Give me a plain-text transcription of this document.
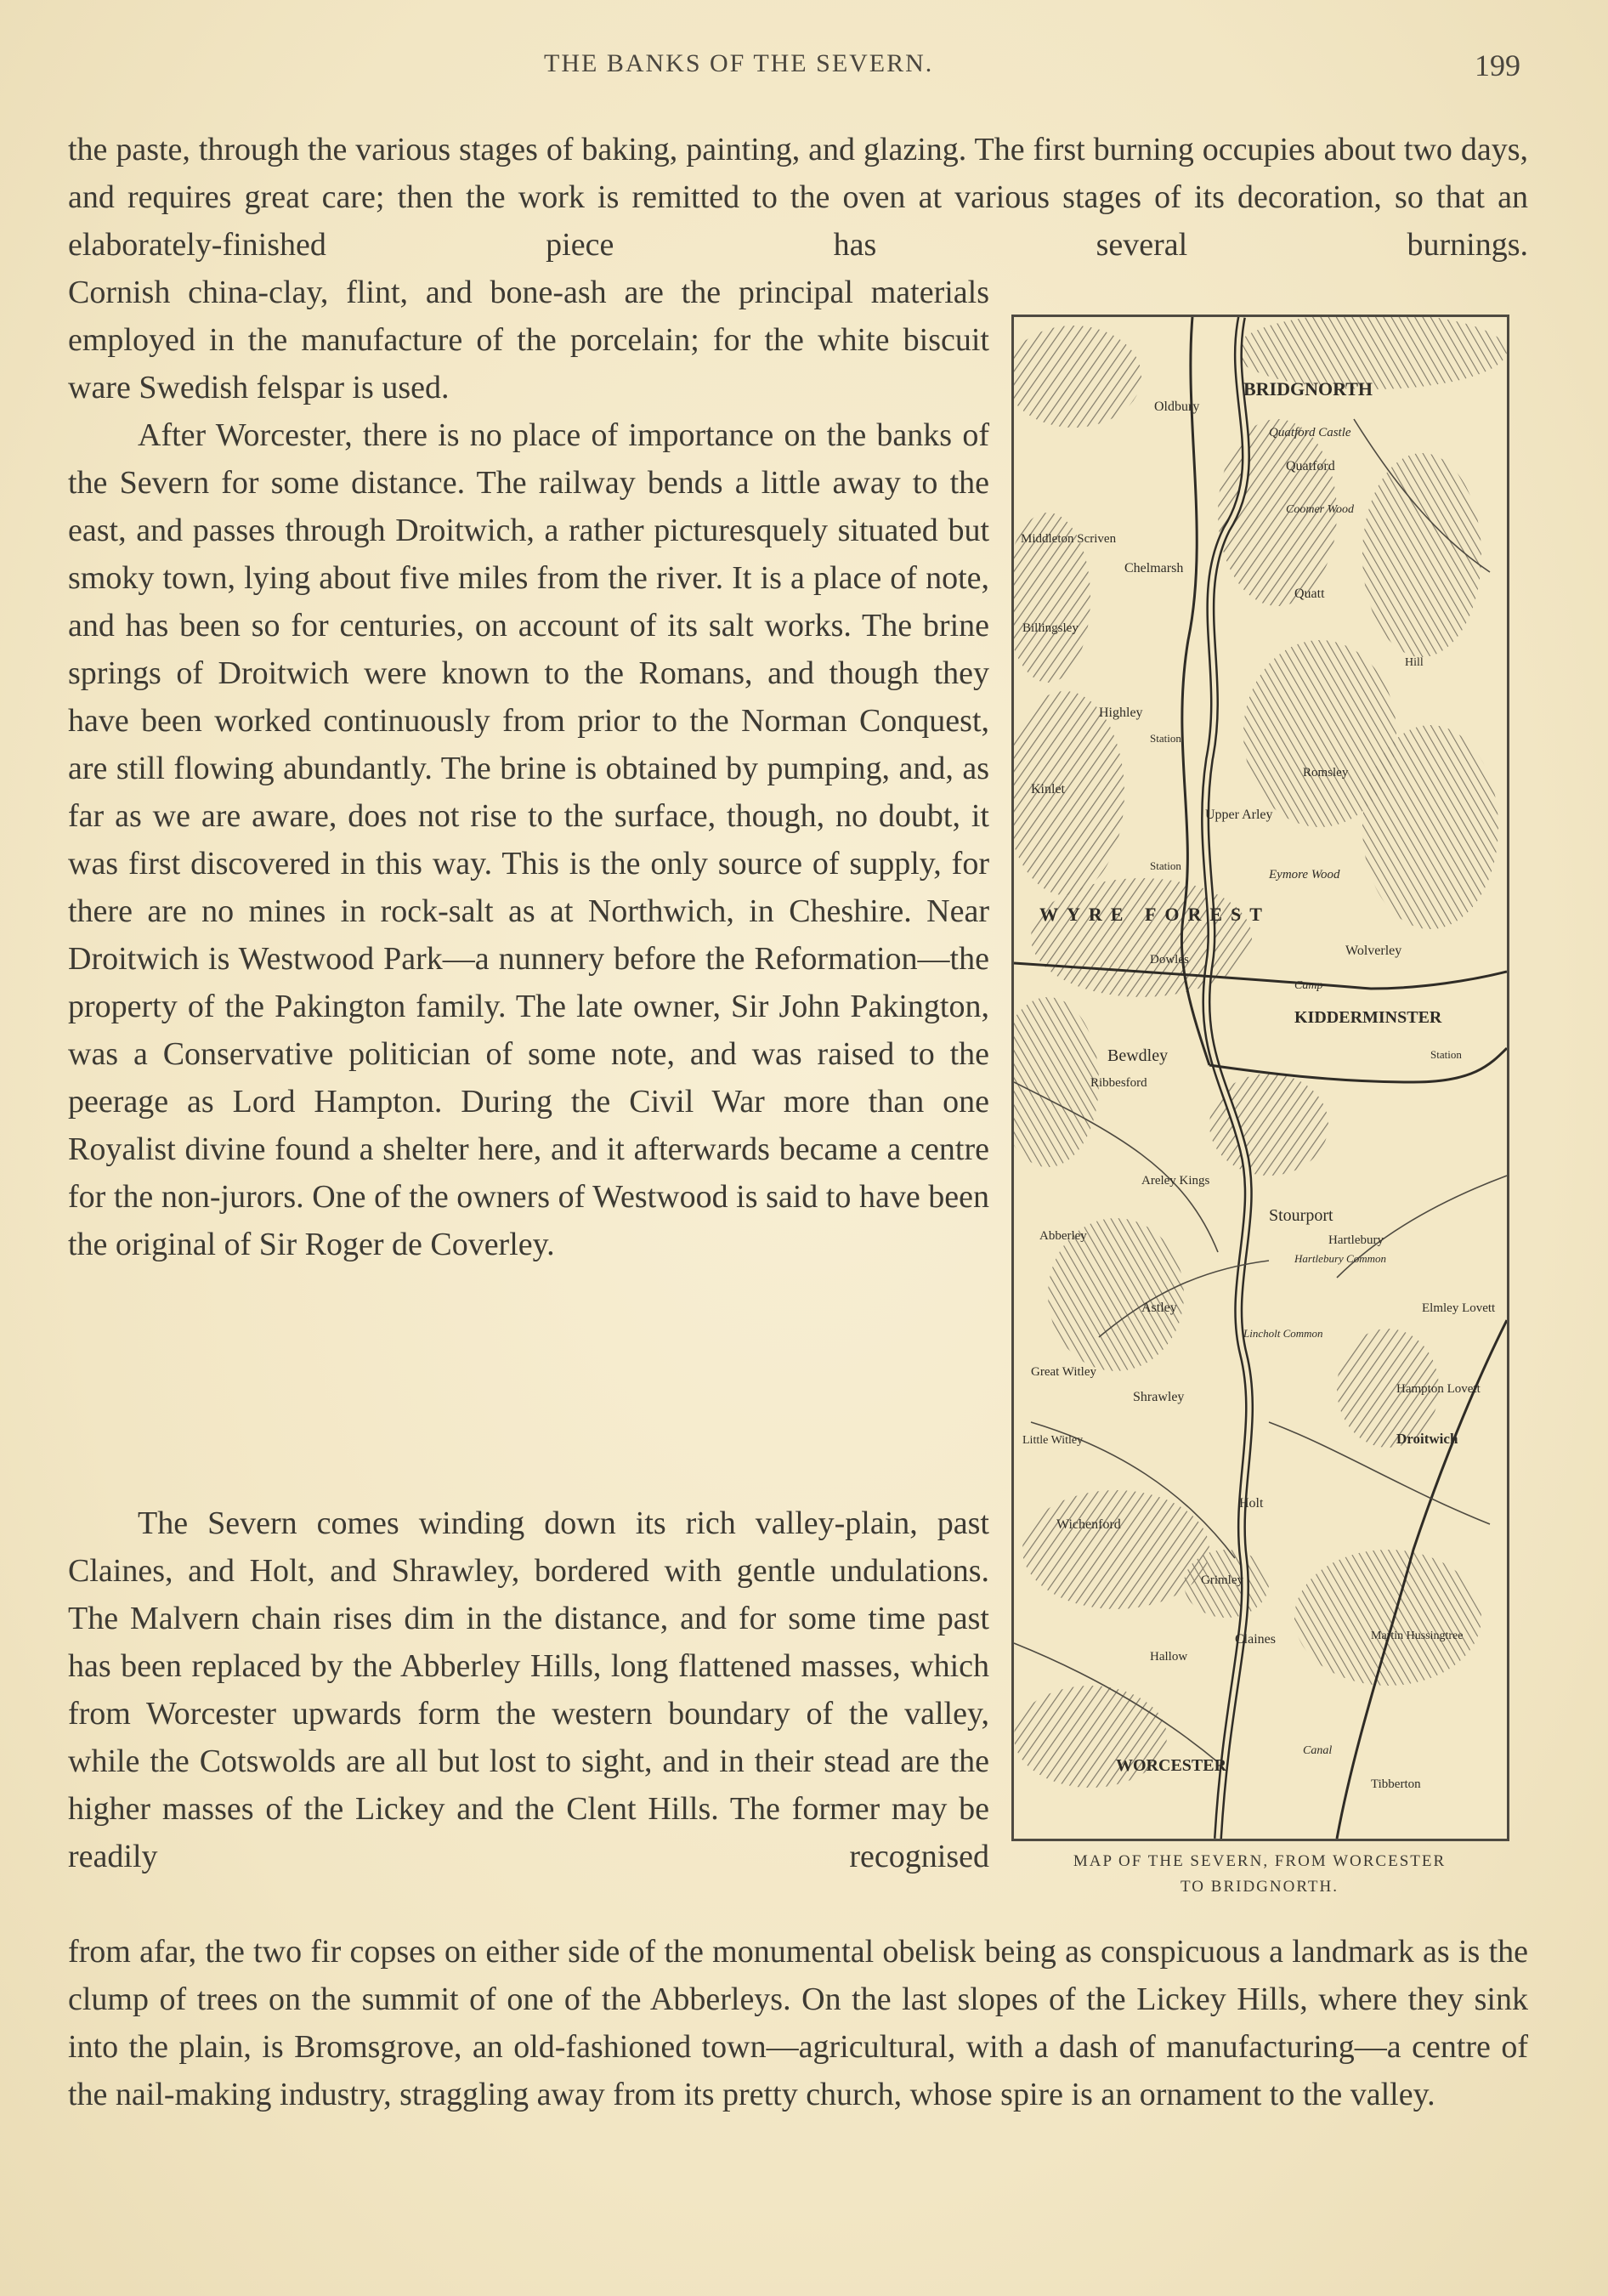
THE BANKS OF THE SEVERN.	199

the paste, through the various stages of baking, painting, and glazing. The first burning occupies about two days, and requires great care; then the work is remitted to the oven at various stages of its decoration, so that an elaborately-finished piece has several burnings.

Cornish china-clay, flint, and bone-ash are the principal materials employed in the manufacture of the porcelain; for the white biscuit ware Swedish felspar is used.

After Worcester, there is no place of importance on the banks of the Severn for some distance. The railway bends a little away to the east, and passes through Droitwich, a rather picturesquely situated but smoky town, lying about five miles from the river. It is a place of note, and has been so for centuries, on account of its salt works. The brine springs of Droitwich were known to the Romans, and though they have been worked continuously from prior to the Norman Conquest, are still flowing abundantly. The brine is obtained by pumping, and, as far as we are aware, does not rise to the surface, though, no doubt, it was first discovered in this way. This is the only source of supply, for there are no mines in rock-salt as at Northwich, in Cheshire. Near Droitwich is Westwood Park—a nunnery before the Reformation—the property of the Pakington family. The late owner, Sir John Pakington, was a Conservative politician of some note, and was raised to the peerage as Lord Hampton. During the Civil War more than one Royalist divine found a shelter here, and it afterwards became a centre for the non-jurors. One of the owners of Westwood is said to have been the original of Sir Roger de Coverley.

The Severn comes winding down its rich valley-plain, past Claines, and Holt, and Shrawley, bordered with gentle undulations. The Malvern chain rises dim in the distance, and for some time past has been replaced by the Abberley Hills, long flattened masses, which from Worcester upwards form the western boundary of the valley, while the Cotswolds are all but lost to sight, and in their stead are the higher masses of the Lickey and the Clent Hills. The former may be readily recognised

from afar, the two fir copses on either side of the monumental obelisk being as conspicuous a landmark as is the clump of trees on the summit of one of the Abberleys. On the last slopes of the Lickey Hills, where they sink into the plain, is Bromsgrove, an old-fashioned town—agricultural, with a dash of manufacturing—a centre of the nail-making industry, straggling away from its pretty church, whose spire is an ornament to the valley.

BRIDGNORTH
Oldbury
Quatford Castle
Quatford
Coomer Wood
Middleton Scriven
Chelmarsh
Quatt
Billingsley
Hill
Highley
Station
Kinlet
Romsley
Upper Arley
Station
Eymore Wood
Wolverley
Camp
WYRE FOREST
Dowles
KIDDERMINSTER
Bewdley
Ribbesford
Station
Stourport
Hartlebury
Hartlebury Common
Areley Kings
Abberley
Astley
Lincholt Common
Elmley Lovett
Great Witley
Shrawley
Hampton Lovett
Little Witley	Droitwich
Holt
Wichenford
Grimley
Claines	Martin Hussingtree
Hallow
WORCESTER
Canal
Tibberton
MAP OF THE SEVERN, FROM WORCESTER
TO BRIDGNORTH.
